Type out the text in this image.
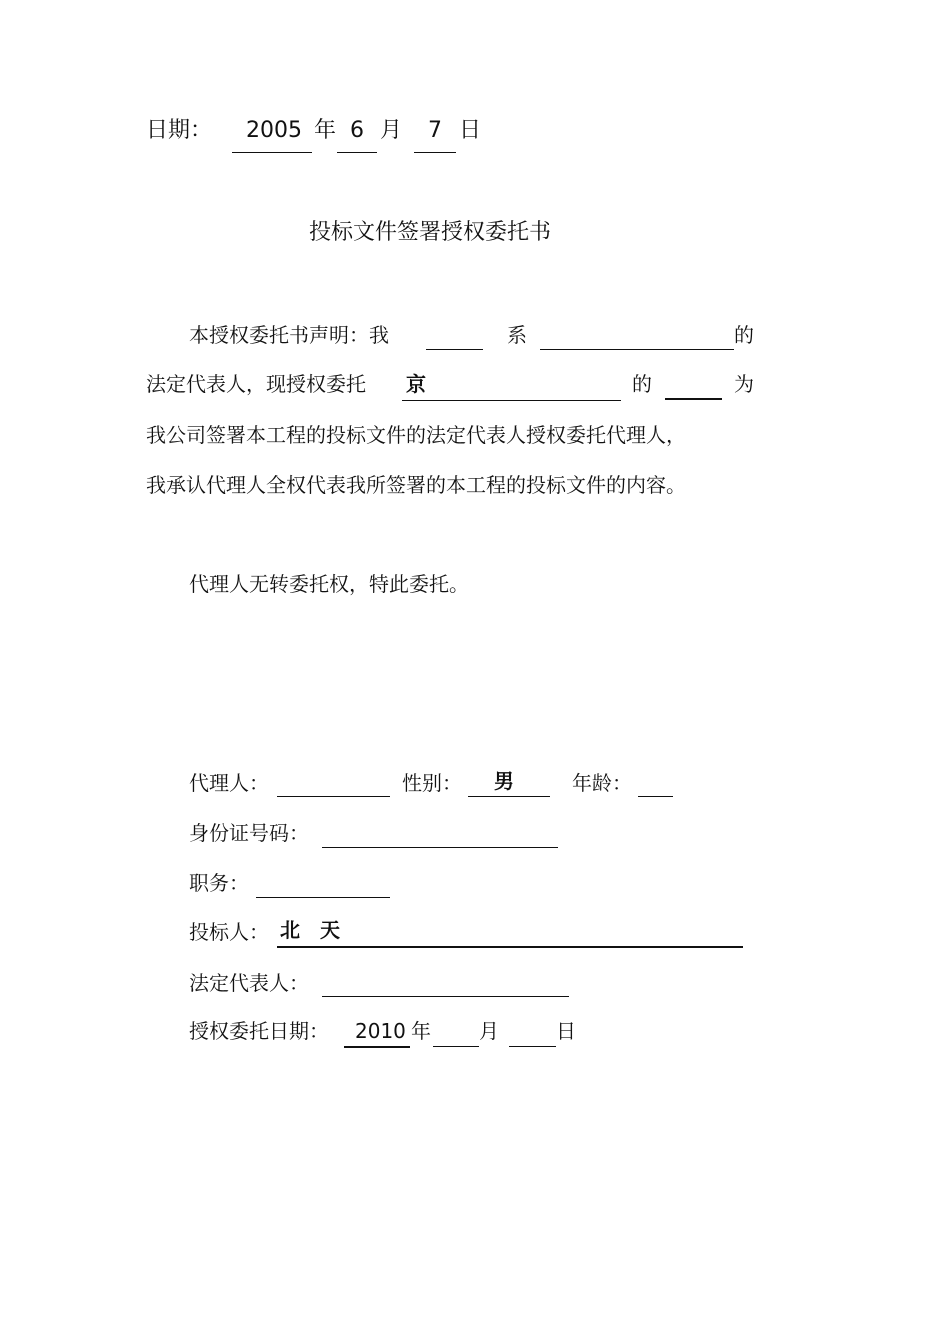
日期： 2005 年 6 月 7 日
投标文件签署授权委托书
本授权委托书声明：我	系	的
法定代表人，现授权委托 京	的	为
我公司签署本工程的投标文件的法定代表人授权委托代理人，
我承认代理人全权代表我所签署的本工程的投标文件的内容。
代理人无转委托权，特此委托。
代理人：	性别： 男	年龄：
身份证号码：
职务：
投标人： 北 天
法定代表人：
授权委托日期： 2010 年 月	日
